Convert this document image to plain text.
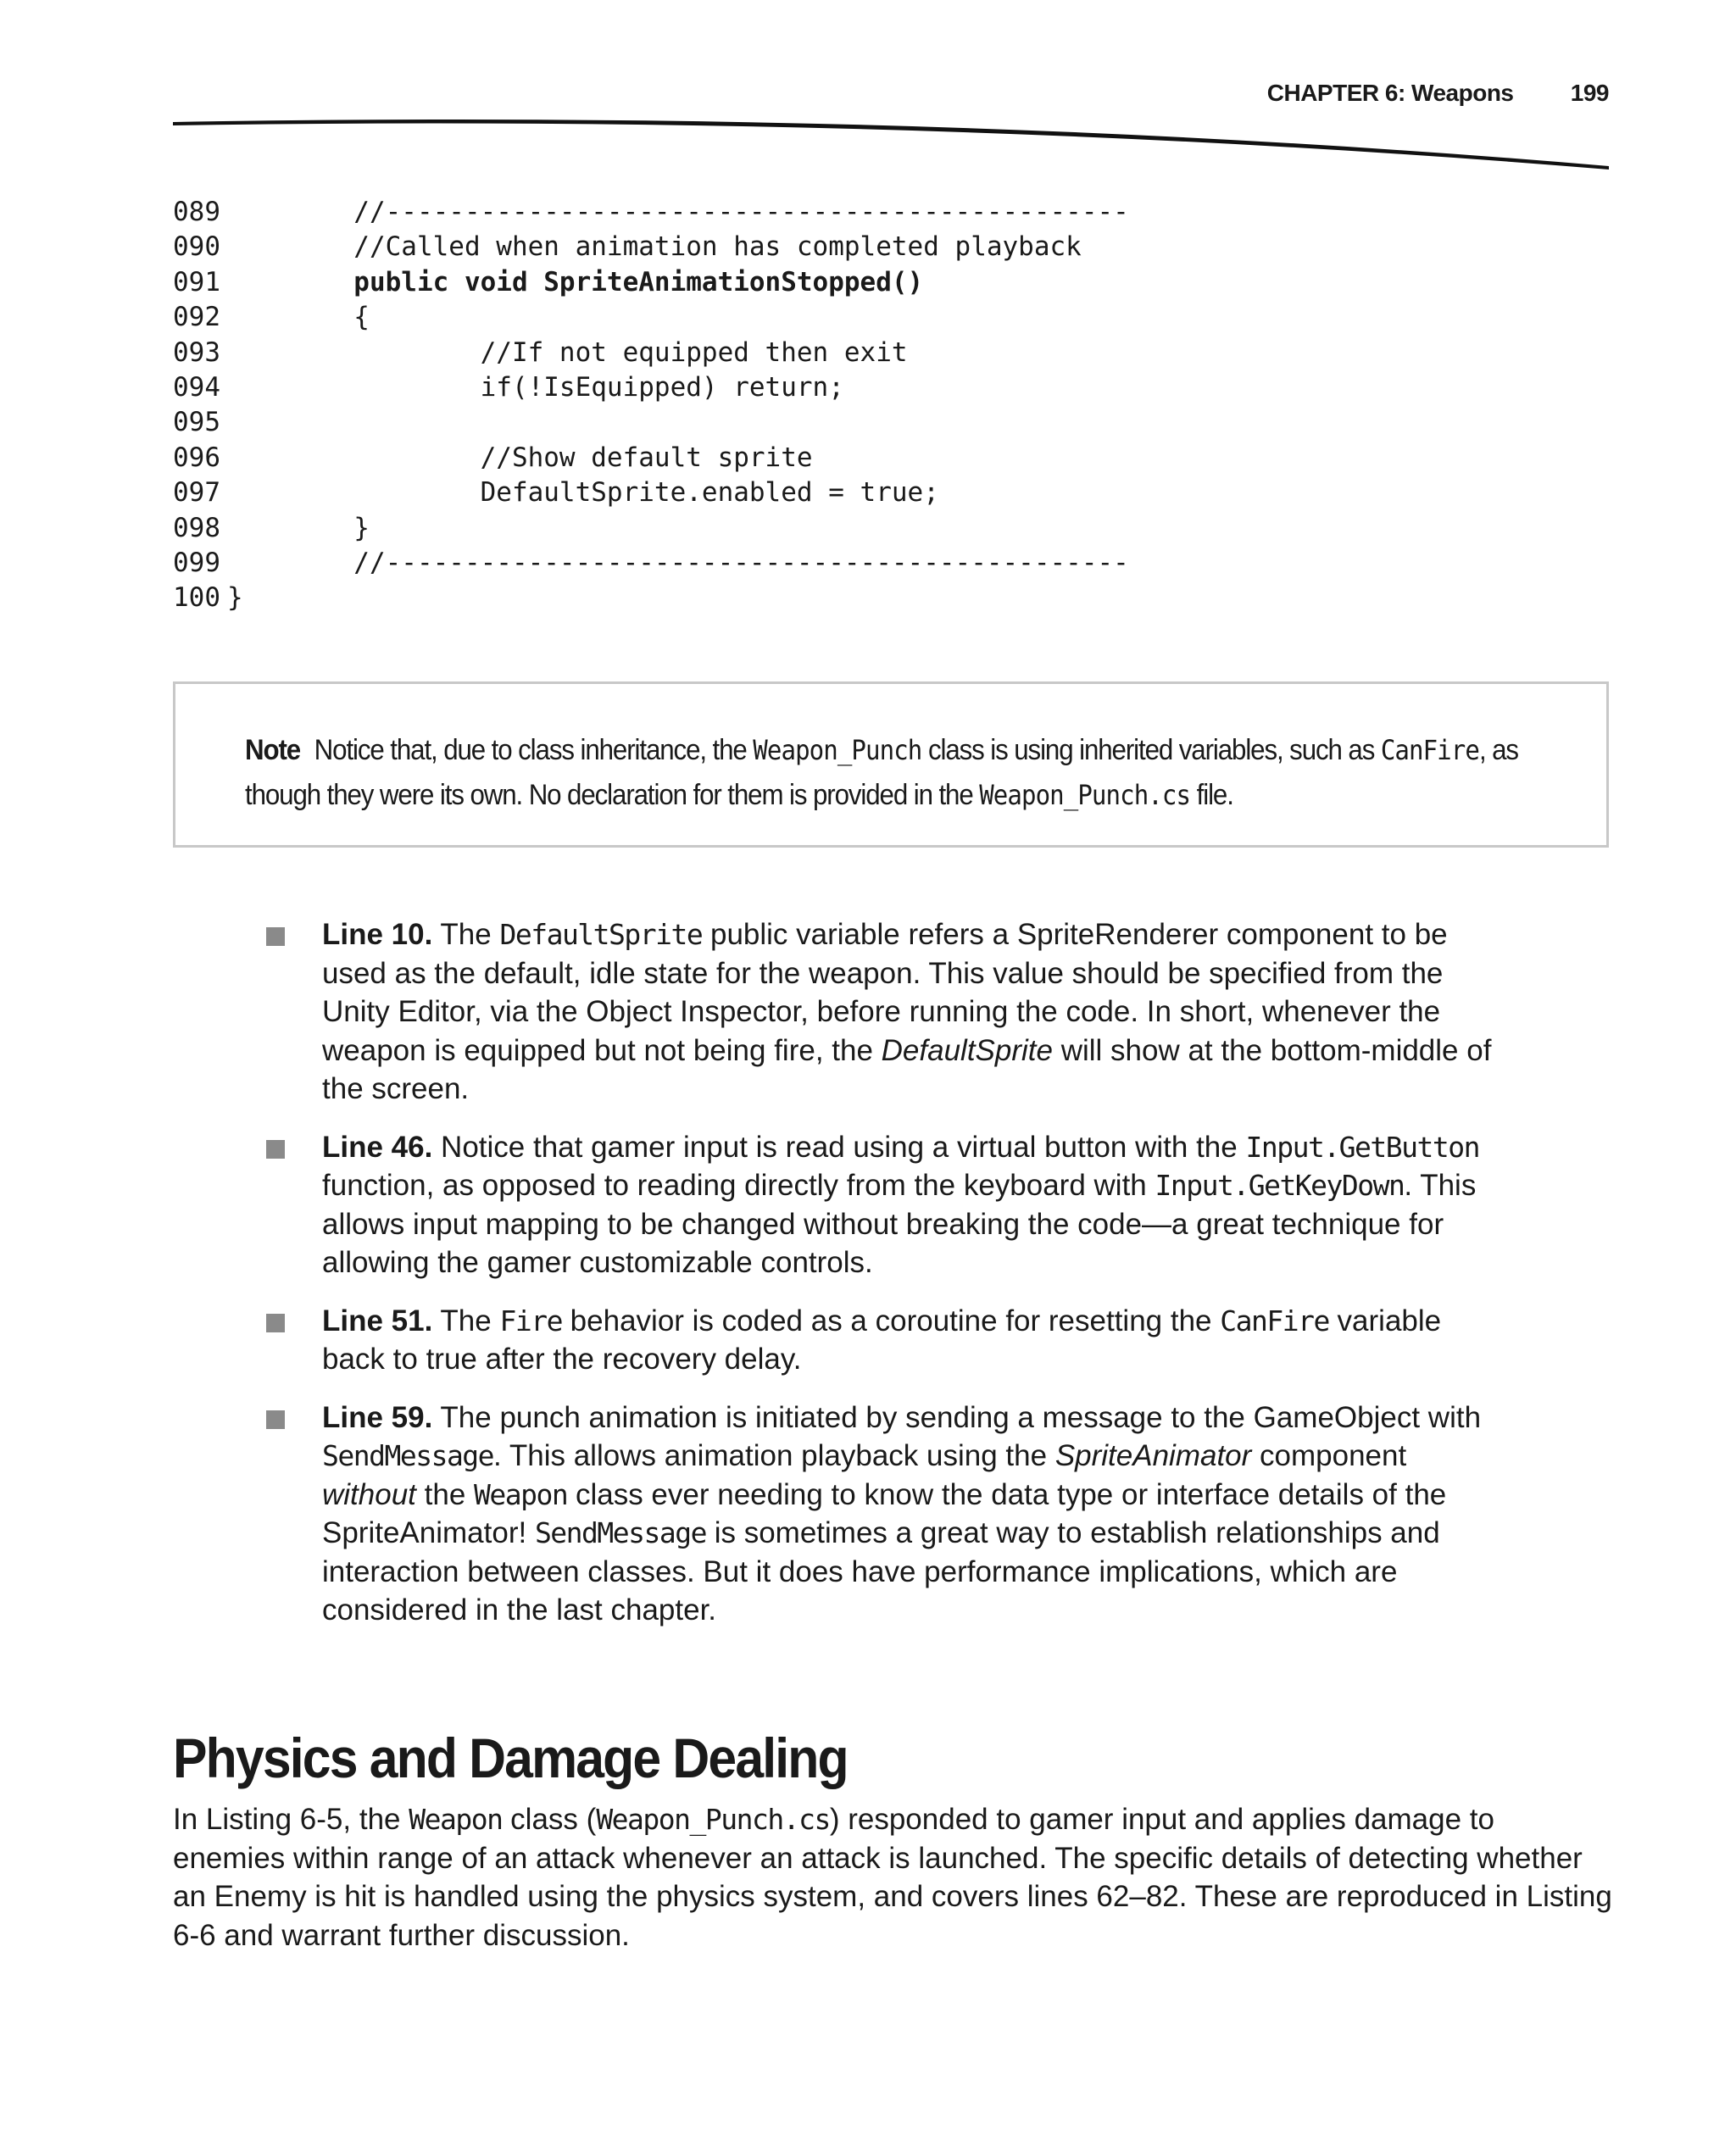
CHAPTER 6: Weapons 199
089        //-----------------------------------------------
090        //Called when animation has completed playback
091        public void SpriteAnimationStopped()
092        {
093                //If not equipped then exit
094                if(!IsEquipped) return;
095
096                //Show default sprite
097                DefaultSprite.enabled = true;
098        }
099        //-----------------------------------------------
100 }
Note Notice that, due to class inheritance, the Weapon_Punch class is using inherited variables, such as CanFire, as though they were its own. No declaration for them is provided in the Weapon_Punch.cs file.
Line 10. The DefaultSprite public variable refers a SpriteRenderer component to be used as the default, idle state for the weapon. This value should be specified from the Unity Editor, via the Object Inspector, before running the code. In short, whenever the weapon is equipped but not being fire, the DefaultSprite will show at the bottom-middle of the screen.
Line 46. Notice that gamer input is read using a virtual button with the Input.GetButton function, as opposed to reading directly from the keyboard with Input.GetKeyDown. This allows input mapping to be changed without breaking the code—a great technique for allowing the gamer customizable controls.
Line 51. The Fire behavior is coded as a coroutine for resetting the CanFire variable back to true after the recovery delay.
Line 59. The punch animation is initiated by sending a message to the GameObject with SendMessage. This allows animation playback using the SpriteAnimator component without the Weapon class ever needing to know the data type or interface details of the SpriteAnimator! SendMessage is sometimes a great way to establish relationships and interaction between classes. But it does have performance implications, which are considered in the last chapter.
Physics and Damage Dealing

In Listing 6-5, the Weapon class (Weapon_Punch.cs) responded to gamer input and applies damage to enemies within range of an attack whenever an attack is launched. The specific details of detecting whether an Enemy is hit is handled using the physics system, and covers lines 62–82. These are reproduced in Listing 6-6 and warrant further discussion.
